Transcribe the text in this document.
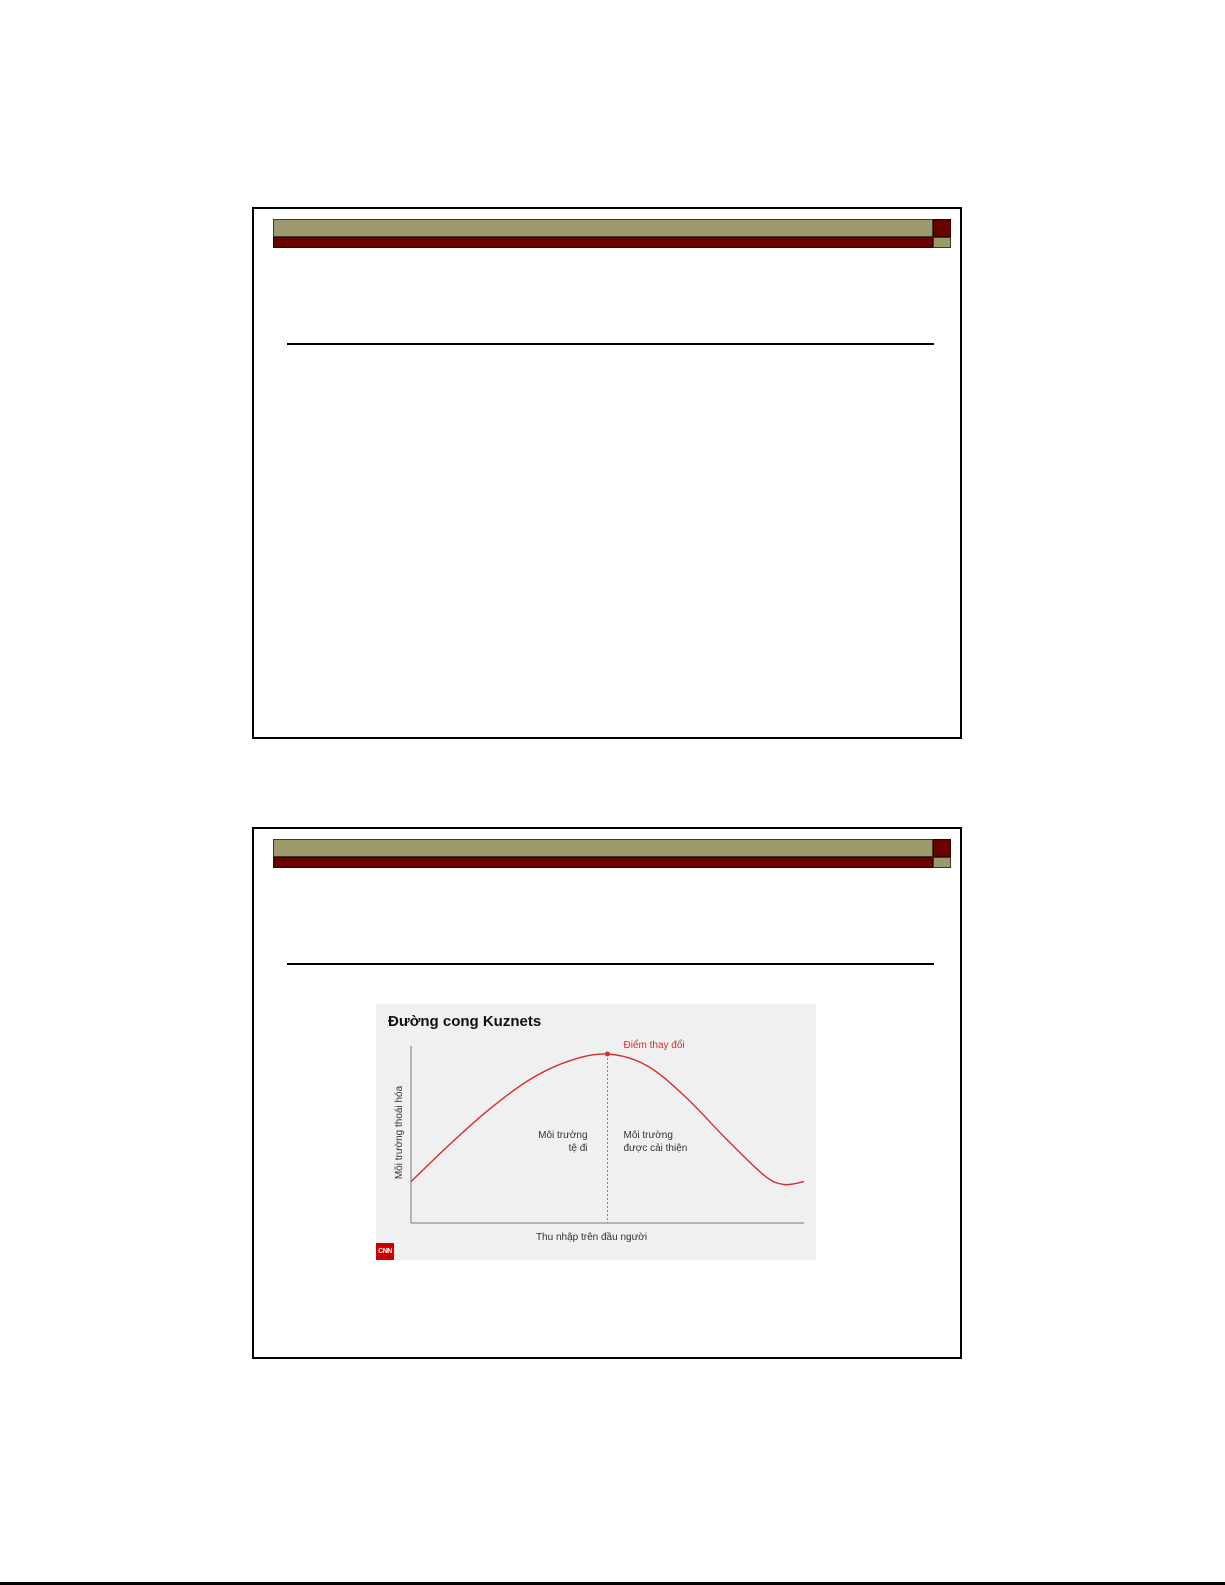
Điểm thay đổi
Môi trường
tệ đi
Môi trường
được cải thiện
Thu nhập trên đầu người
Môi trường thoái hóa
Đường cong Kuznets
CNN
